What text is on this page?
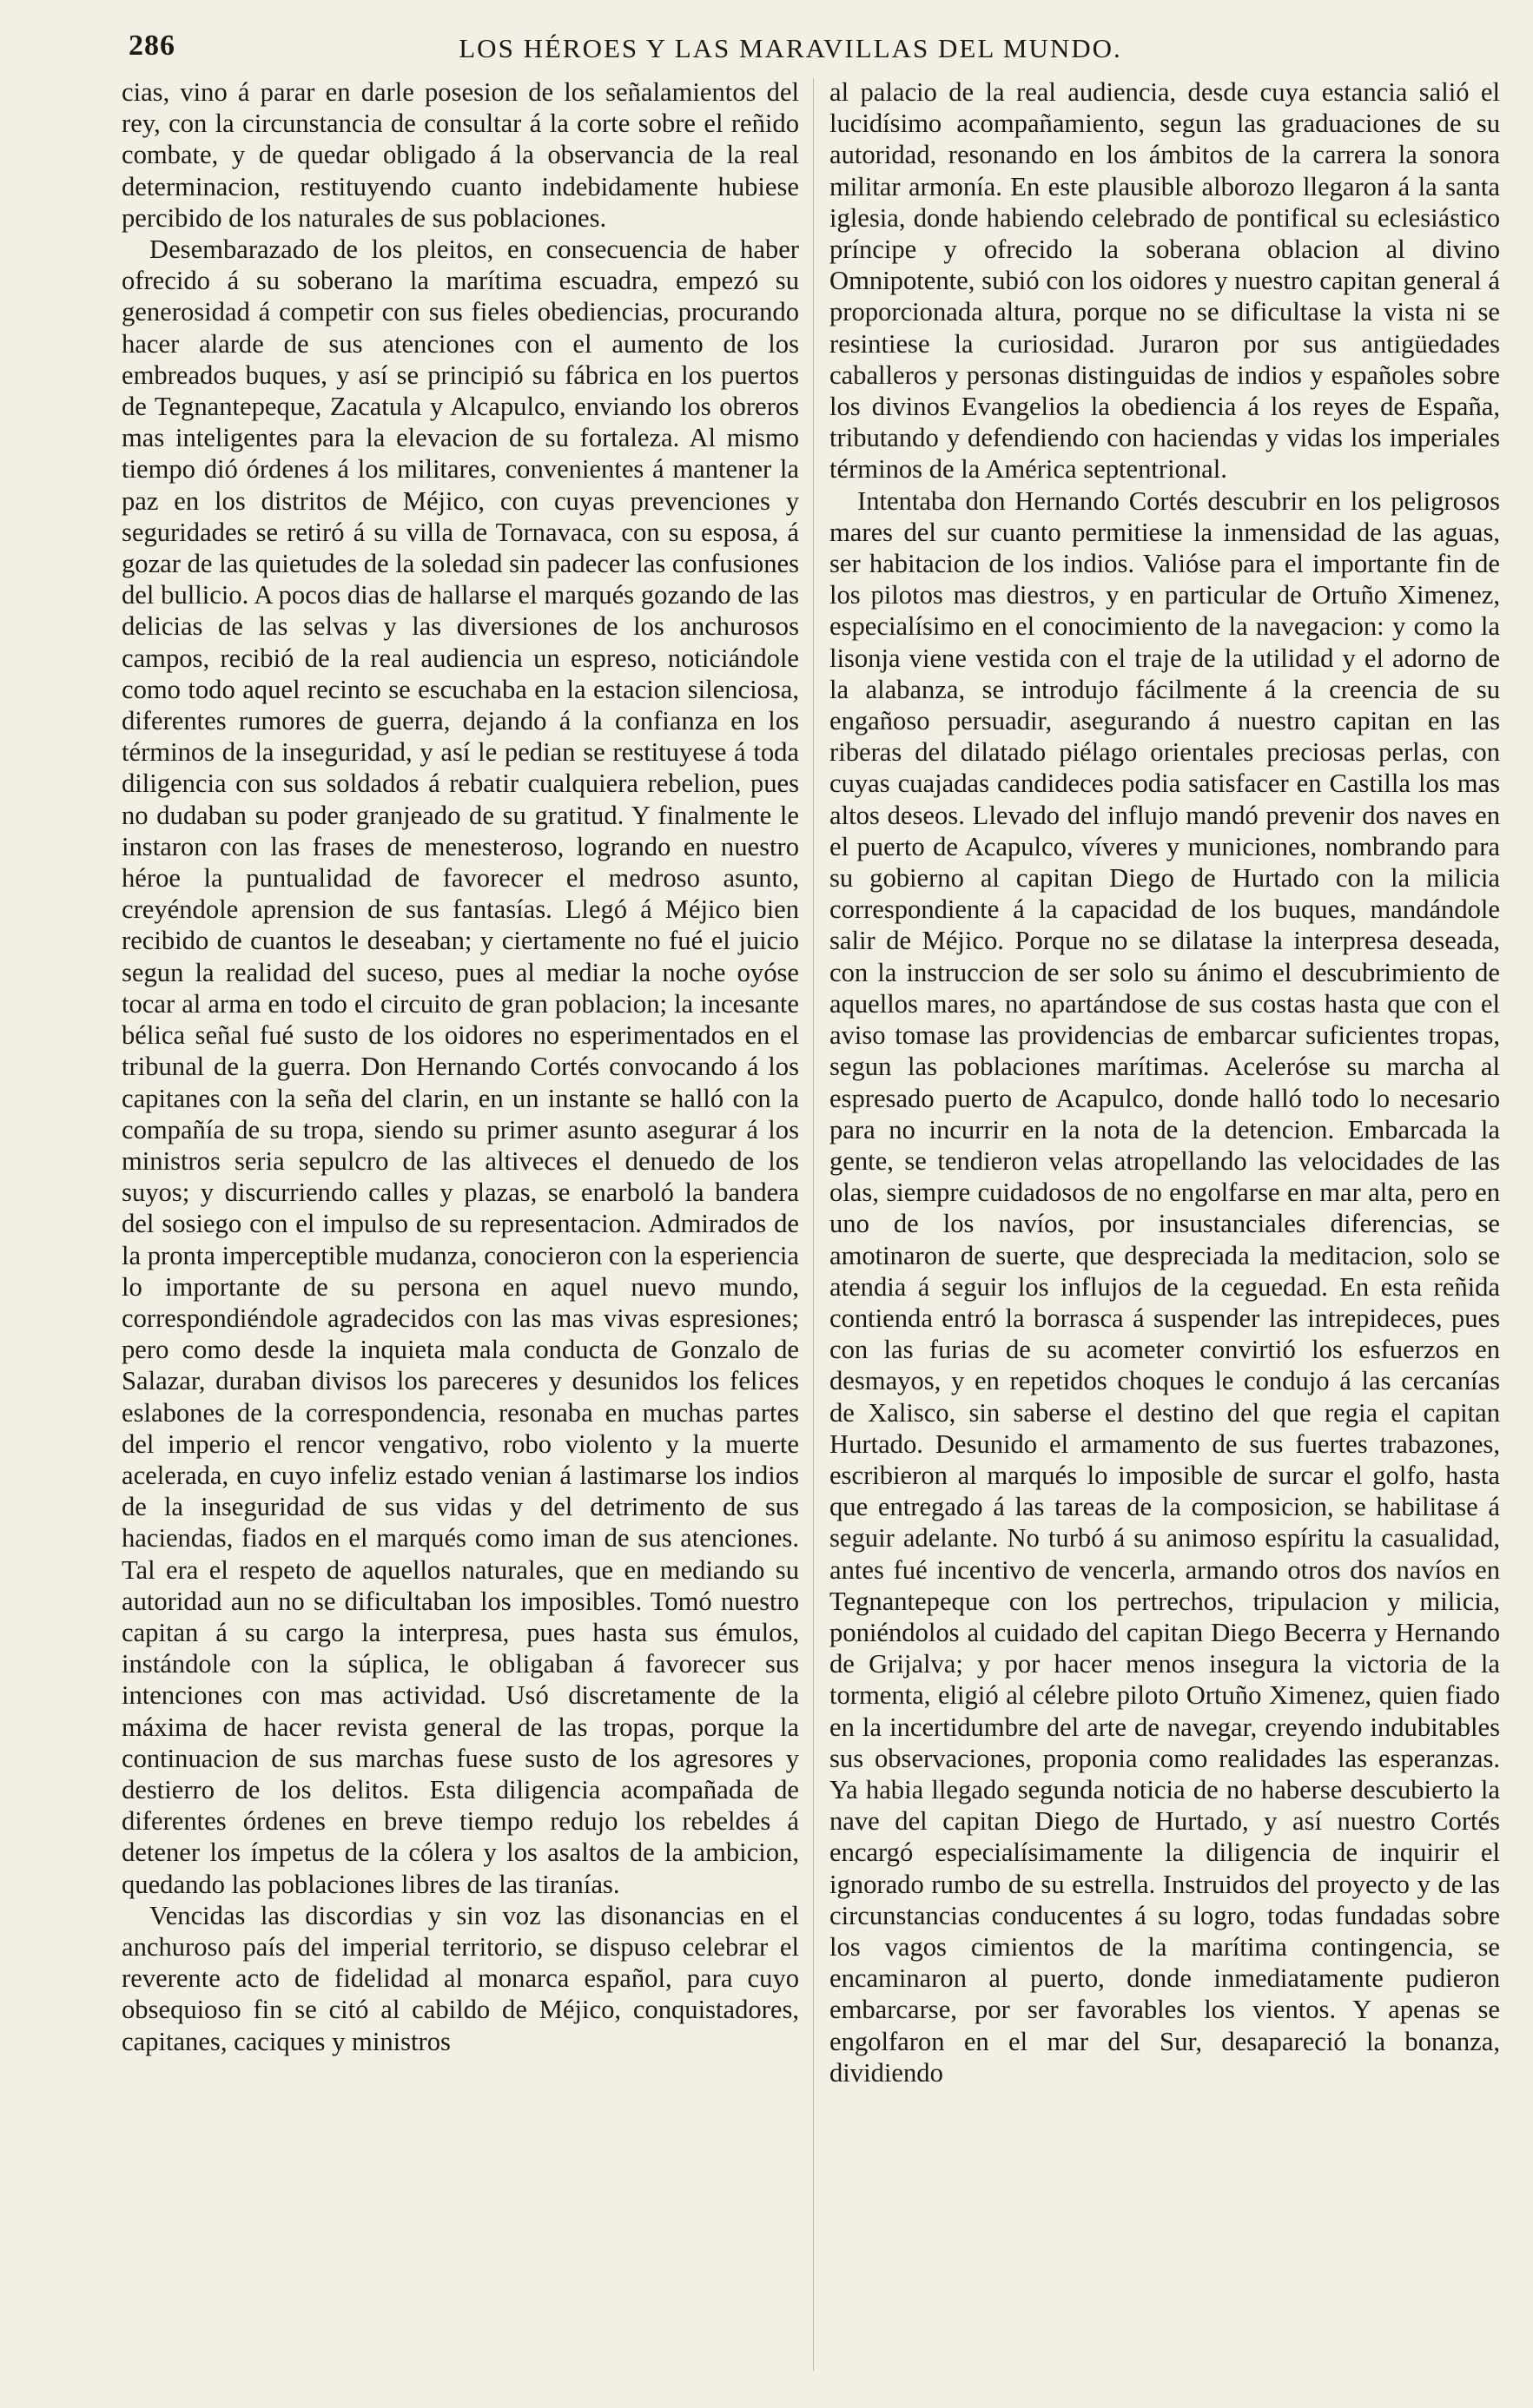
286	LOS HÉROES Y LAS MARAVILLAS DEL MUNDO.

cias, vino á parar en darle posesion de los señalamientos del rey, con la circunstancia de consultar á la corte sobre el reñido combate, y de quedar obligado á la observancia de la real determinacion, restituyendo cuanto indebidamente hubiese percibido de los naturales de sus poblaciones.

Desembarazado de los pleitos, en consecuencia de haber ofrecido á su soberano la marítima escuadra, empezó su generosidad á competir con sus fieles obediencias, procurando hacer alarde de sus atenciones con el aumento de los embreados buques, y así se principió su fábrica en los puertos de Tegnantepeque, Zacatula y Alcapulco, enviando los obreros mas inteligentes para la elevacion de su fortaleza. Al mismo tiempo dió órdenes á los militares, convenientes á mantener la paz en los distritos de Méjico, con cuyas prevenciones y seguridades se retiró á su villa de Tornavaca, con su esposa, á gozar de las quietudes de la soledad sin padecer las confusiones del bullicio. A pocos dias de hallarse el marqués gozando de las delicias de las selvas y las diversiones de los anchurosos campos, recibió de la real audiencia un espreso, noticiándole como todo aquel recinto se escuchaba en la estacion silenciosa, diferentes rumores de guerra, dejando á la confianza en los términos de la inseguridad, y así le pedian se restituyese á toda diligencia con sus soldados á rebatir cualquiera rebelion, pues no dudaban su poder granjeado de su gratitud. Y finalmente le instaron con las frases de menesteroso, logrando en nuestro héroe la puntualidad de favorecer el medroso asunto, creyéndole aprension de sus fantasías. Llegó á Méjico bien recibido de cuantos le deseaban; y ciertamente no fué el juicio segun la realidad del suceso, pues al mediar la noche oyóse tocar al arma en todo el circuito de gran poblacion; la incesante bélica señal fué susto de los oidores no esperimentados en el tribunal de la guerra. Don Hernando Cortés convocando á los capitanes con la seña del clarin, en un instante se halló con la compañía de su tropa, siendo su primer asunto asegurar á los ministros seria sepulcro de las altiveces el denuedo de los suyos; y discurriendo calles y plazas, se enarboló la bandera del sosiego con el impulso de su representacion. Admirados de la pronta imperceptible mudanza, conocieron con la esperiencia lo importante de su persona en aquel nuevo mundo, correspondiéndole agradecidos con las mas vivas espresiones; pero como desde la inquieta mala conducta de Gonzalo de Salazar, duraban divisos los pareceres y desunidos los felices eslabones de la correspondencia, resonaba en muchas partes del imperio el rencor vengativo, robo violento y la muerte acelerada, en cuyo infeliz estado venian á lastimarse los indios de la inseguridad de sus vidas y del detrimento de sus haciendas, fiados en el marqués como iman de sus atenciones. Tal era el respeto de aquellos naturales, que en mediando su autoridad aun no se dificultaban los imposibles. Tomó nuestro capitan á su cargo la interpresa, pues hasta sus émulos, instándole con la súplica, le obligaban á favorecer sus intenciones con mas actividad. Usó discretamente de la máxima de hacer revista general de las tropas, porque la continuacion de sus marchas fuese susto de los agresores y destierro de los delitos. Esta diligencia acompañada de diferentes órdenes en breve tiempo redujo los rebeldes á detener los ímpetus de la cólera y los asaltos de la ambicion, quedando las poblaciones libres de las tiranías.

Vencidas las discordias y sin voz las disonancias en el anchuroso país del imperial territorio, se dispuso celebrar el reverente acto de fidelidad al monarca español, para cuyo obsequioso fin se citó al cabildo de Méjico, conquistadores, capitanes, caciques y ministros

al palacio de la real audiencia, desde cuya estancia salió el lucidísimo acompañamiento, segun las graduaciones de su autoridad, resonando en los ámbitos de la carrera la sonora militar armonía. En este plausible alborozo llegaron á la santa iglesia, donde habiendo celebrado de pontifical su eclesiástico príncipe y ofrecido la soberana oblacion al divino Omnipotente, subió con los oidores y nuestro capitan general á proporcionada altura, porque no se dificultase la vista ni se resintiese la curiosidad. Juraron por sus antigüedades caballeros y personas distinguidas de indios y españoles sobre los divinos Evangelios la obediencia á los reyes de España, tributando y defendiendo con haciendas y vidas los imperiales términos de la América septentrional.

Intentaba don Hernando Cortés descubrir en los peligrosos mares del sur cuanto permitiese la inmensidad de las aguas, ser habitacion de los indios. Valióse para el importante fin de los pilotos mas diestros, y en particular de Ortuño Ximenez, especialísimo en el conocimiento de la navegacion: y como la lisonja viene vestida con el traje de la utilidad y el adorno de la alabanza, se introdujo fácilmente á la creencia de su engañoso persuadir, asegurando á nuestro capitan en las riberas del dilatado piélago orientales preciosas perlas, con cuyas cuajadas candideces podia satisfacer en Castilla los mas altos deseos. Llevado del influjo mandó prevenir dos naves en el puerto de Acapulco, víveres y municiones, nombrando para su gobierno al capitan Diego de Hurtado con la milicia correspondiente á la capacidad de los buques, mandándole salir de Méjico. Porque no se dilatase la interpresa deseada, con la instruccion de ser solo su ánimo el descubrimiento de aquellos mares, no apartándose de sus costas hasta que con el aviso tomase las providencias de embarcar suficientes tropas, segun las poblaciones marítimas. Aceleróse su marcha al espresado puerto de Acapulco, donde halló todo lo necesario para no incurrir en la nota de la detencion. Embarcada la gente, se tendieron velas atropellando las velocidades de las olas, siempre cuidadosos de no engolfarse en mar alta, pero en uno de los navíos, por insustanciales diferencias, se amotinaron de suerte, que despreciada la meditacion, solo se atendia á seguir los influjos de la ceguedad. En esta reñida contienda entró la borrasca á suspender las intrepideces, pues con las furias de su acometer convirtió los esfuerzos en desmayos, y en repetidos choques le condujo á las cercanías de Xalisco, sin saberse el destino del que regia el capitan Hurtado. Desunido el armamento de sus fuertes trabazones, escribieron al marqués lo imposible de surcar el golfo, hasta que entregado á las tareas de la composicion, se habilitase á seguir adelante. No turbó á su animoso espíritu la casualidad, antes fué incentivo de vencerla, armando otros dos navíos en Tegnantepeque con los pertrechos, tripulacion y milicia, poniéndolos al cuidado del capitan Diego Becerra y Hernando de Grijalva; y por hacer menos insegura la victoria de la tormenta, eligió al célebre piloto Ortuño Ximenez, quien fiado en la incertidumbre del arte de navegar, creyendo indubitables sus observaciones, proponia como realidades las esperanzas. Ya habia llegado segunda noticia de no haberse descubierto la nave del capitan Diego de Hurtado, y así nuestro Cortés encargó especialísimamente la diligencia de inquirir el ignorado rumbo de su estrella. Instruidos del proyecto y de las circunstancias conducentes á su logro, todas fundadas sobre los vagos cimientos de la marítima contingencia, se encaminaron al puerto, donde inmediatamente pudieron embarcarse, por ser favorables los vientos. Y apenas se engolfaron en el mar del Sur, desapareció la bonanza, dividiendo
